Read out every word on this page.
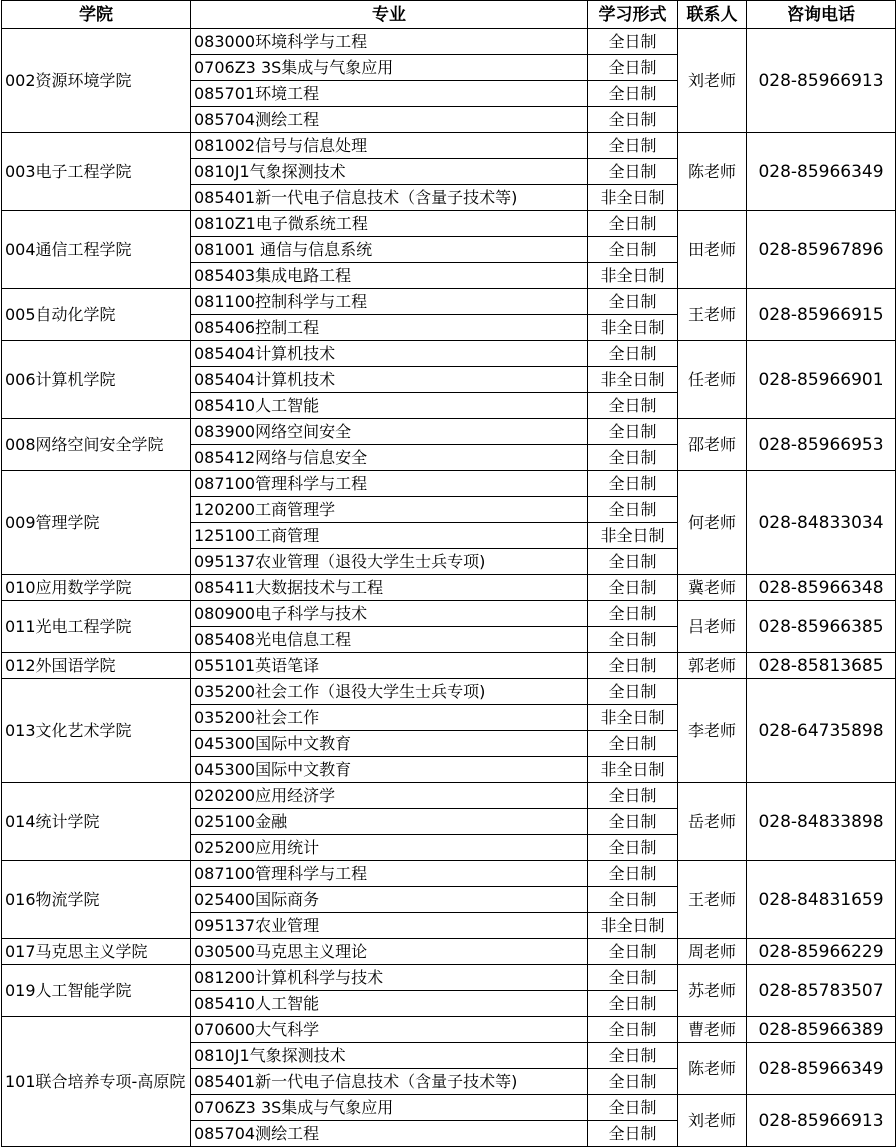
学院	专业	学习形式	联系人	咨询电话
002资源环境学院	083000环境科学与工程	全日制	刘老师	028-85966913
	0706Z3 3S集成与气象应用	全日制		
	085701环境工程	全日制		
	085704测绘工程	全日制		
003电子工程学院	081002信号与信息处理	全日制	陈老师	028-85966349
	0810J1气象探测技术	全日制		
	085401新一代电子信息技术（含量子技术等)	非全日制		
004通信工程学院	0810Z1电子微系统工程	全日制	田老师	028-85967896
	081001 通信与信息系统	全日制		
	085403集成电路工程	非全日制		
005自动化学院	081100控制科学与工程	全日制	王老师	028-85966915
	085406控制工程	非全日制		
006计算机学院	085404计算机技术	全日制	任老师	028-85966901
	085404计算机技术	非全日制		
	085410人工智能	全日制		
008网络空间安全学院	083900网络空间安全	全日制	邵老师	028-85966953
	085412网络与信息安全	全日制		
009管理学院	087100管理科学与工程	全日制	何老师	028-84833034
	120200工商管理学	全日制		
	125100工商管理	非全日制		
	095137农业管理（退役大学生士兵专项)	全日制		
010应用数学学院	085411大数据技术与工程	全日制	冀老师	028-85966348
011光电工程学院	080900电子科学与技术	全日制	吕老师	028-85966385
	085408光电信息工程	全日制		
012外国语学院	055101英语笔译	全日制	郭老师	028-85813685
013文化艺术学院	035200社会工作（退役大学生士兵专项)	全日制	李老师	028-64735898
	035200社会工作	非全日制		
	045300国际中文教育	全日制		
	045300国际中文教育	非全日制		
014统计学院	020200应用经济学	全日制	岳老师	028-84833898
	025100金融	全日制		
	025200应用统计	全日制		
016物流学院	087100管理科学与工程	全日制	王老师	028-84831659
	025400国际商务	全日制		
	095137农业管理	非全日制		
017马克思主义学院	030500马克思主义理论	全日制	周老师	028-85966229
019人工智能学院	081200计算机科学与技术	全日制	苏老师	028-85783507
	085410人工智能	全日制		
101联合培养专项-高原院	070600大气科学	全日制	曹老师	028-85966389
	0810J1气象探测技术	全日制	陈老师	028-85966349
	085401新一代电子信息技术（含量子技术等)	全日制		
	0706Z3 3S集成与气象应用	全日制	刘老师	028-85966913
	085704测绘工程	全日制		
